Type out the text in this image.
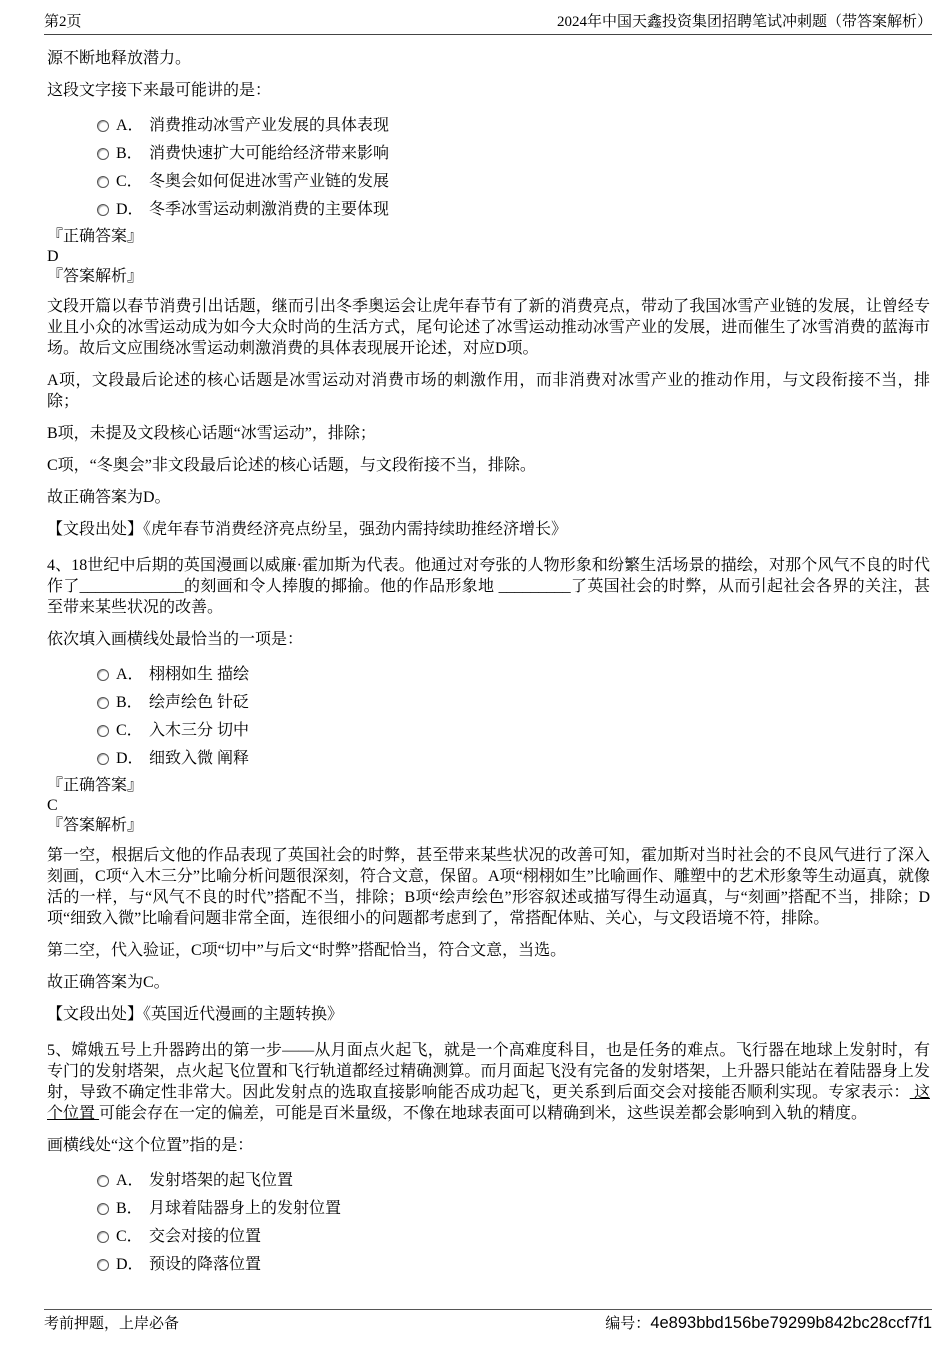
第2页	2024年中国天鑫投资集团招聘笔试冲刺题（带答案解析）

源不断地释放潜力。

这段文字接下来最可能讲的是：

A． 消费推动冰雪产业发展的具体表现
B． 消费快速扩大可能给经济带来影响
C． 冬奥会如何促进冰雪产业链的发展
D． 冬季冰雪运动刺激消费的主要体现
『正确答案』
D
『答案解析』

文段开篇以春节消费引出话题，继而引出冬季奥运会让虎年春节有了新的消费亮点，带动了我国冰雪产业链的发展，让曾经专业且小众的冰雪运动成为如今大众时尚的生活方式，尾句论述了冰雪运动推动冰雪产业的发展，进而催生了冰雪消费的蓝海市场。故后文应围绕冰雪运动刺激消费的具体表现展开论述，对应D项。

A项，文段最后论述的核心话题是冰雪运动对消费市场的刺激作用，而非消费对冰雪产业的推动作用，与文段衔接不当，排除；

B项，未提及文段核心话题“冰雪运动”，排除；

C项，“冬奥会”非文段最后论述的核心话题，与文段衔接不当，排除。

故正确答案为D。

【文段出处】《虎年春节消费经济亮点纷呈，强劲内需持续助推经济增长》

4、18世纪中后期的英国漫画以威廉·霍加斯为代表。他通过对夸张的人物形象和纷繁生活场景的描绘，对那个风气不良的时代作了_____________的刻画和令人捧腹的揶揄。他的作品形象地 _________了英国社会的时弊，从而引起社会各界的关注，甚至带来某些状况的改善。

依次填入画横线处最恰当的一项是：

A． 栩栩如生 描绘
B． 绘声绘色 针砭
C． 入木三分 切中
D． 细致入微 阐释
『正确答案』
C
『答案解析』

第一空，根据后文他的作品表现了英国社会的时弊，甚至带来某些状况的改善可知，霍加斯对当时社会的不良风气进行了深入刻画，C项“入木三分”比喻分析问题很深刻，符合文意，保留。A项“栩栩如生”比喻画作、雕塑中的艺术形象等生动逼真，就像活的一样，与“风气不良的时代”搭配不当，排除；B项“绘声绘色”形容叙述或描写得生动逼真，与“刻画”搭配不当，排除；D项“细致入微”比喻看问题非常全面，连很细小的问题都考虑到了，常搭配体贴、关心，与文段语境不符，排除。

第二空，代入验证，C项“切中”与后文“时弊”搭配恰当，符合文意，当选。

故正确答案为C。

【文段出处】《英国近代漫画的主题转换》

5、嫦娥五号上升器跨出的第一步——从月面点火起飞，就是一个高难度科目，也是任务的难点。飞行器在地球上发射时，有专门的发射塔架，点火起飞位置和飞行轨道都经过精确测算。而月面起飞没有完备的发射塔架，上升器只能站在着陆器身上发射，导致不确定性非常大。因此发射点的选取直接影响能否成功起飞，更关系到后面交会对接能否顺利实现。专家表示： 这个位置 可能会存在一定的偏差，可能是百米量级，不像在地球表面可以精确到米，这些误差都会影响到入轨的精度。

画横线处“这个位置”指的是：

A． 发射塔架的起飞位置
B． 月球着陆器身上的发射位置
C． 交会对接的位置
D． 预设的降落位置
考前押题，上岸必备	编号：4e893bbd156be79299b842bc28ccf7f1
